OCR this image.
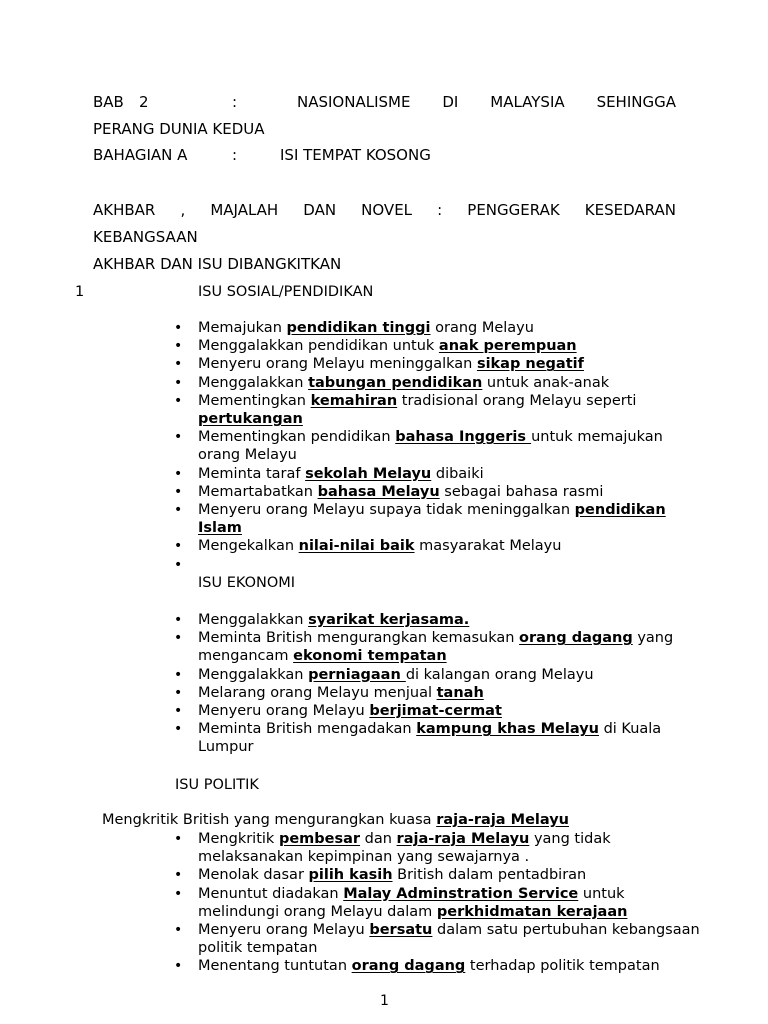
BAB 2	:	NASIONALISME DI MALAYSIA SEHINGGA
PERANG DUNIA KEDUA
BAHAGIAN A	:	ISI TEMPAT KOSONG
AKHBAR , MAJALAH DAN NOVEL : PENGGERAK KESEDARAN
KEBANGSAAN
AKHBAR DAN ISU DIBANGKITKAN
1	ISU SOSIAL/PENDIDIKAN
• Memajukan pendidikan tinggi orang Melayu
• Menggalakkan pendidikan untuk anak perempuan
• Menyeru orang Melayu meninggalkan sikap negatif
• Menggalakkan tabungan pendidikan untuk anak-anak
• Mementingkan kemahiran tradisional orang Melayu seperti
pertukangan
• Mementingkan pendidikan bahasa Inggeris untuk memajukan
orang Melayu
• Meminta taraf sekolah Melayu dibaiki
• Memartabatkan bahasa Melayu sebagai bahasa rasmi
• Menyeru orang Melayu supaya tidak meninggalkan pendidikan
Islam
• Mengekalkan nilai-nilai baik masyarakat Melayu
•
ISU EKONOMI
• Menggalakkan syarikat kerjasama.
• Meminta British mengurangkan kemasukan orang dagang yang
mengancam ekonomi tempatan
• Menggalakkan perniagaan di kalangan orang Melayu
• Melarang orang Melayu menjual tanah
• Menyeru orang Melayu berjimat-cermat
• Meminta British mengadakan kampung khas Melayu di Kuala
Lumpur
ISU POLITIK
Mengkritik British yang mengurangkan kuasa raja-raja Melayu
• Mengkritik pembesar dan raja-raja Melayu yang tidak
melaksanakan kepimpinan yang sewajarnya .
• Menolak dasar pilih kasih British dalam pentadbiran
• Menuntut diadakan Malay Adminstration Service untuk
melindungi orang Melayu dalam perkhidmatan kerajaan
• Menyeru orang Melayu bersatu dalam satu pertubuhan kebangsaan
politik tempatan
• Menentang tuntutan orang dagang terhadap politik tempatan
1
